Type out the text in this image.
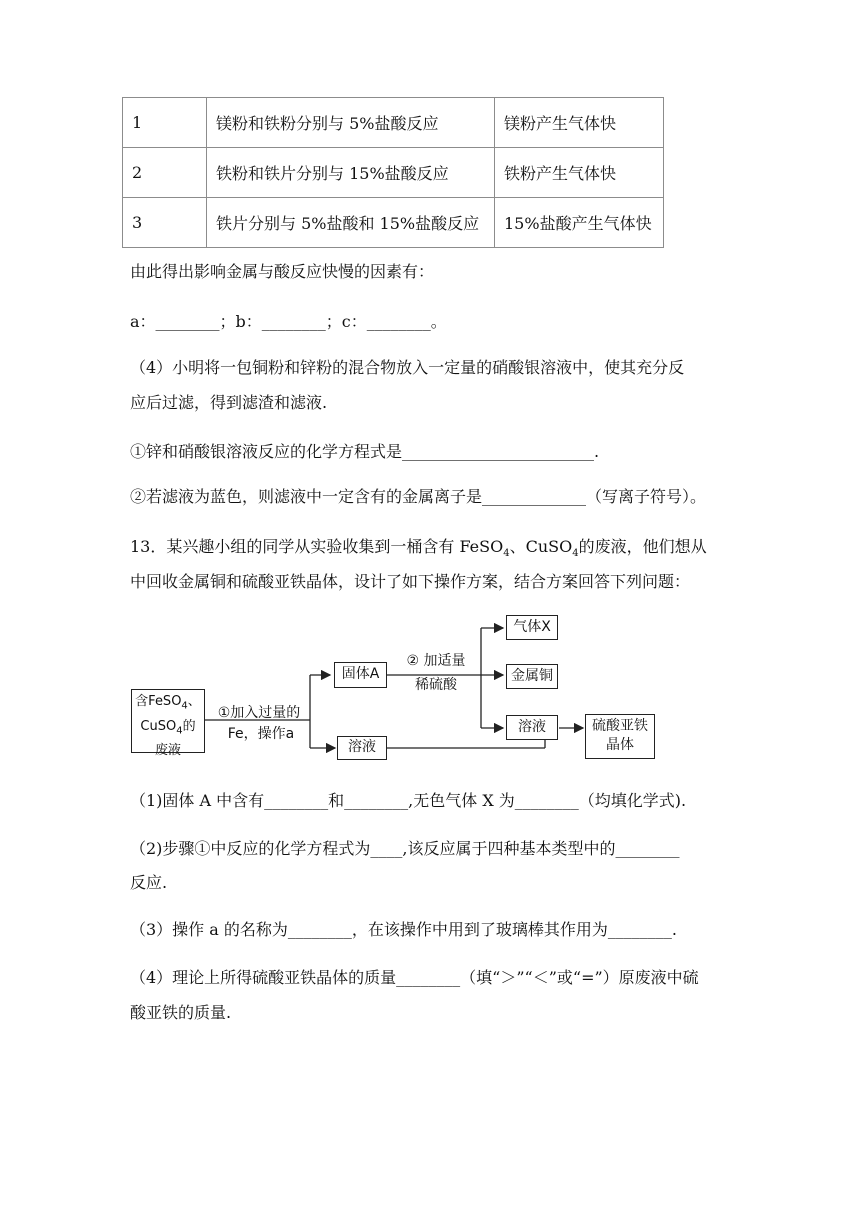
1	镁粉和铁粉分别与 5%盐酸反应	镁粉产生气体快
2	铁粉和铁片分别与 15%盐酸反应	铁粉产生气体快
3	铁片分别与 5%盐酸和 15%盐酸反应	15%盐酸产生气体快
由此得出影响金属与酸反应快慢的因素有：
a：________；b：________；c：________。
（4）小明将一包铜粉和锌粉的混合物放入一定量的硝酸银溶液中，使其充分反
应后过滤，得到滤渣和滤液.
①锌和硝酸银溶液反应的化学方程式是________________________.
②若滤液为蓝色，则滤液中一定含有的金属离子是_____________（写离子符号）。
13．某兴趣小组的同学从实验收集到一桶含有 FeSO$_4$、CuSO$_4$的废液，他们想从
中回收金属铜和硫酸亚铁晶体，设计了如下操作方案，结合方案回答下列问题：
含FeSO$_4$、
CuSO$_4$的
废液
①加入过量的
Fe，操作a
固体A
② 加适量
稀硫酸
气体X
金属铜
溶液
溶液
硫酸亚铁
晶体
（1)固体 A 中含有________和________,无色气体 X 为________（均填化学式).
（2)步骤①中反应的化学方程式为____,该反应属于四种基本类型中的________
反应.
（3）操作 a 的名称为________，在该操作中用到了玻璃棒其作用为________.
（4）理论上所得硫酸亚铁晶体的质量________（填“＞”“＜”或“=”）原废液中硫
酸亚铁的质量.
